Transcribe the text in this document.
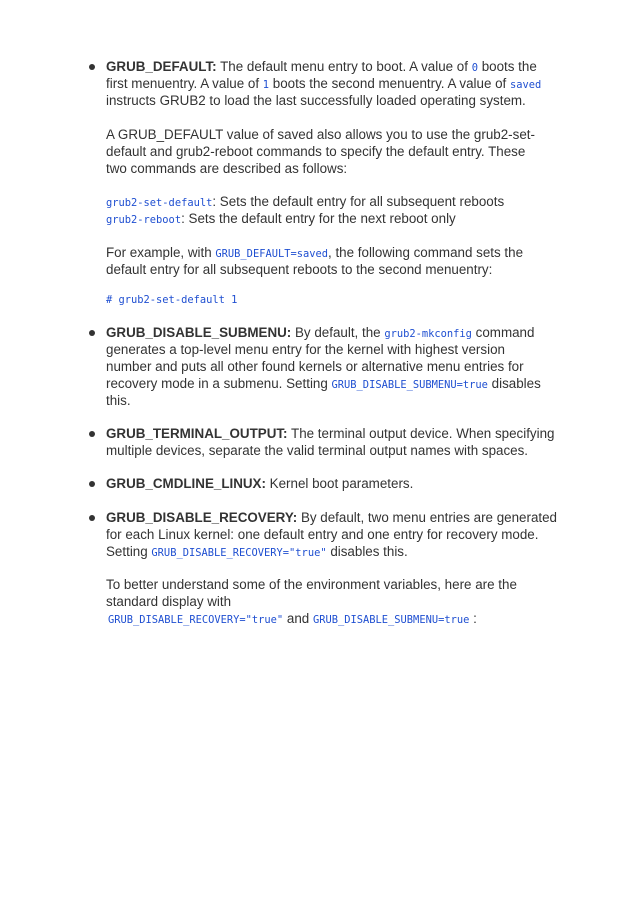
GRUB_DEFAULT: The default menu entry to boot. A value of 0 boots the
first menuentry. A value of 1 boots the second menuentry. A value of saved
instructs GRUB2 to load the last successfully loaded operating system.
A GRUB_DEFAULT value of saved also allows you to use the grub2-set-
default and grub2-reboot commands to specify the default entry. These
two commands are described as follows:
grub2-set-default: Sets the default entry for all subsequent reboots
grub2-reboot: Sets the default entry for the next reboot only
For example, with GRUB_DEFAULT=saved, the following command sets the
default entry for all subsequent reboots to the second menuentry:
# grub2-set-default 1
GRUB_DISABLE_SUBMENU: By default, the grub2-mkconfig command
generates a top-level menu entry for the kernel with highest version
number and puts all other found kernels or alternative menu entries for
recovery mode in a submenu. Setting GRUB_DISABLE_SUBMENU=true disables
this.
GRUB_TERMINAL_OUTPUT: The terminal output device. When specifying
multiple devices, separate the valid terminal output names with spaces.
GRUB_CMDLINE_LINUX: Kernel boot parameters.
GRUB_DISABLE_RECOVERY: By default, two menu entries are generated
for each Linux kernel: one default entry and one entry for recovery mode.
Setting GRUB_DISABLE_RECOVERY="true" disables this.
To better understand some of the environment variables, here are the
standard display with
GRUB_DISABLE_RECOVERY="true" and GRUB_DISABLE_SUBMENU=true :
